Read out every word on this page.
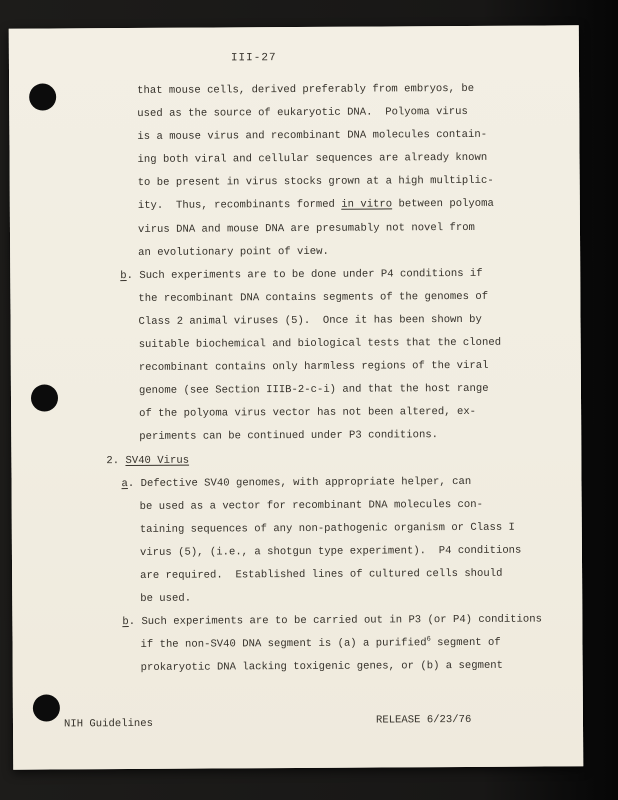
III-27
that mouse cells, derived preferably from embryos, be
used as the source of eukaryotic DNA.  Polyoma virus
is a mouse virus and recombinant DNA molecules contain-
ing both viral and cellular sequences are already known
to be present in virus stocks grown at a high multiplic-
ity.  Thus, recombinants formed in vitro between polyoma
virus DNA and mouse DNA are presumably not novel from
an evolutionary point of view.
b. Such experiments are to be done under P4 conditions if
the recombinant DNA contains segments of the genomes of
Class 2 animal viruses (5).  Once it has been shown by
suitable biochemical and biological tests that the cloned
recombinant contains only harmless regions of the viral
genome (see Section IIIB-2-c-i) and that the host range
of the polyoma virus vector has not been altered, ex-
periments can be continued under P3 conditions.
2. SV40 Virus
a. Defective SV40 genomes, with appropriate helper, can
be used as a vector for recombinant DNA molecules con-
taining sequences of any non-pathogenic organism or Class I
virus (5), (i.e., a shotgun type experiment).  P4 conditions
are required.  Established lines of cultured cells should
be used.
b. Such experiments are to be carried out in P3 (or P4) conditions
if the non-SV40 DNA segment is (a) a purified$^6$ segment of
prokaryotic DNA lacking toxigenic genes, or (b) a segment
NIH Guidelines	RELEASE 6/23/76
